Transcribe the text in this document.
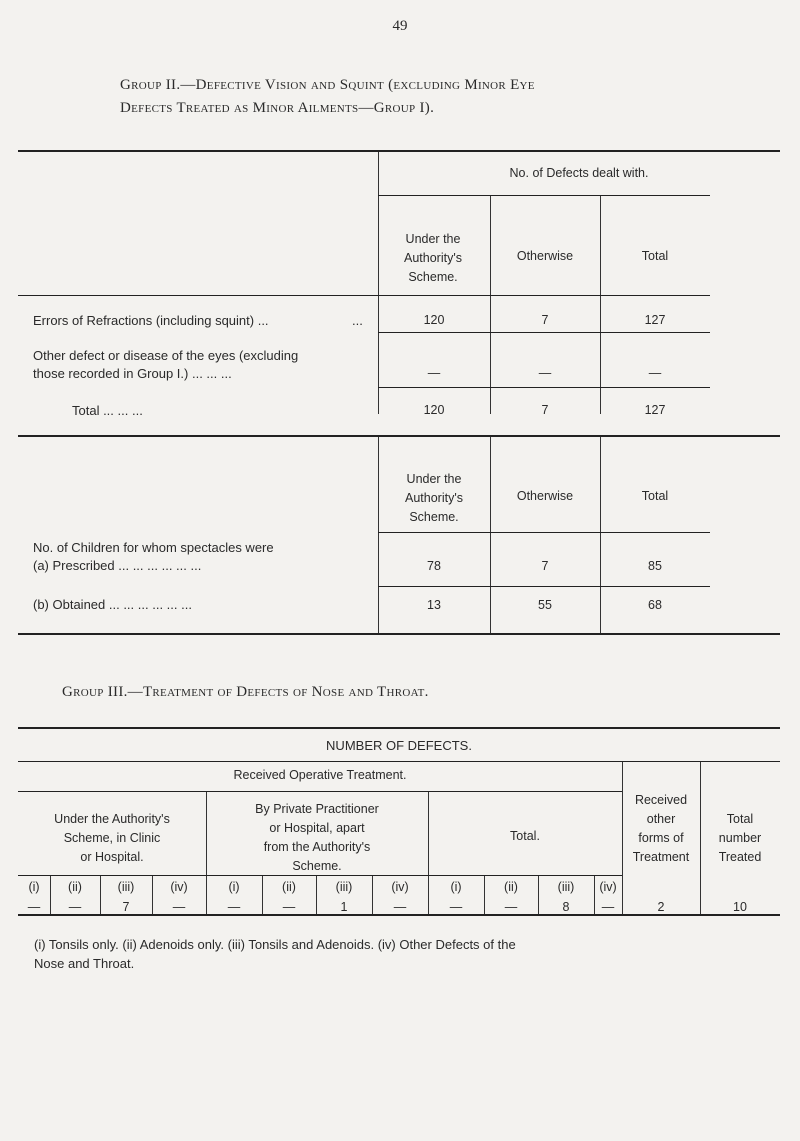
49
Group II.—Defective Vision and Squint (excluding Minor Eye
Defects Treated as Minor Ailments—Group I).
No. of Defects dealt with.
Under the
Authority's
Scheme.
Otherwise	Total
Errors of Refractions (including squint) ...	...	120	7	127
Other defect or disease of the eyes (excluding
those recorded in Group I.) ... ... ...	—	—	—
Total ... ... ...	120	7	127
Under the
Authority's
Scheme.
Otherwise	Total
No. of Children for whom spectacles were
(a) Prescribed ... ... ... ... ... ...	78	7	85
(b) Obtained ... ... ... ... ... ...	13	55	68
Group III.—Treatment of Defects of Nose and Throat.
NUMBER OF DEFECTS.
Received Operative Treatment.
Received
other
forms of
Treatment
Total
number
Treated
Under the Authority's
Scheme, in Clinic
or Hospital.
By Private Practitioner
or Hospital, apart
from the Authority's
Scheme.
Total.
(i)	(ii)	(iii)	(iv)	(i)	(ii)	(iii)	(iv)	(i)	(ii)	(iii)	(iv)
—	—	7	—	—	—	1	—	—	—	8	—	2	10
(i) Tonsils only. (ii) Adenoids only. (iii) Tonsils and Adenoids. (iv) Other Defects of the
Nose and Throat.
